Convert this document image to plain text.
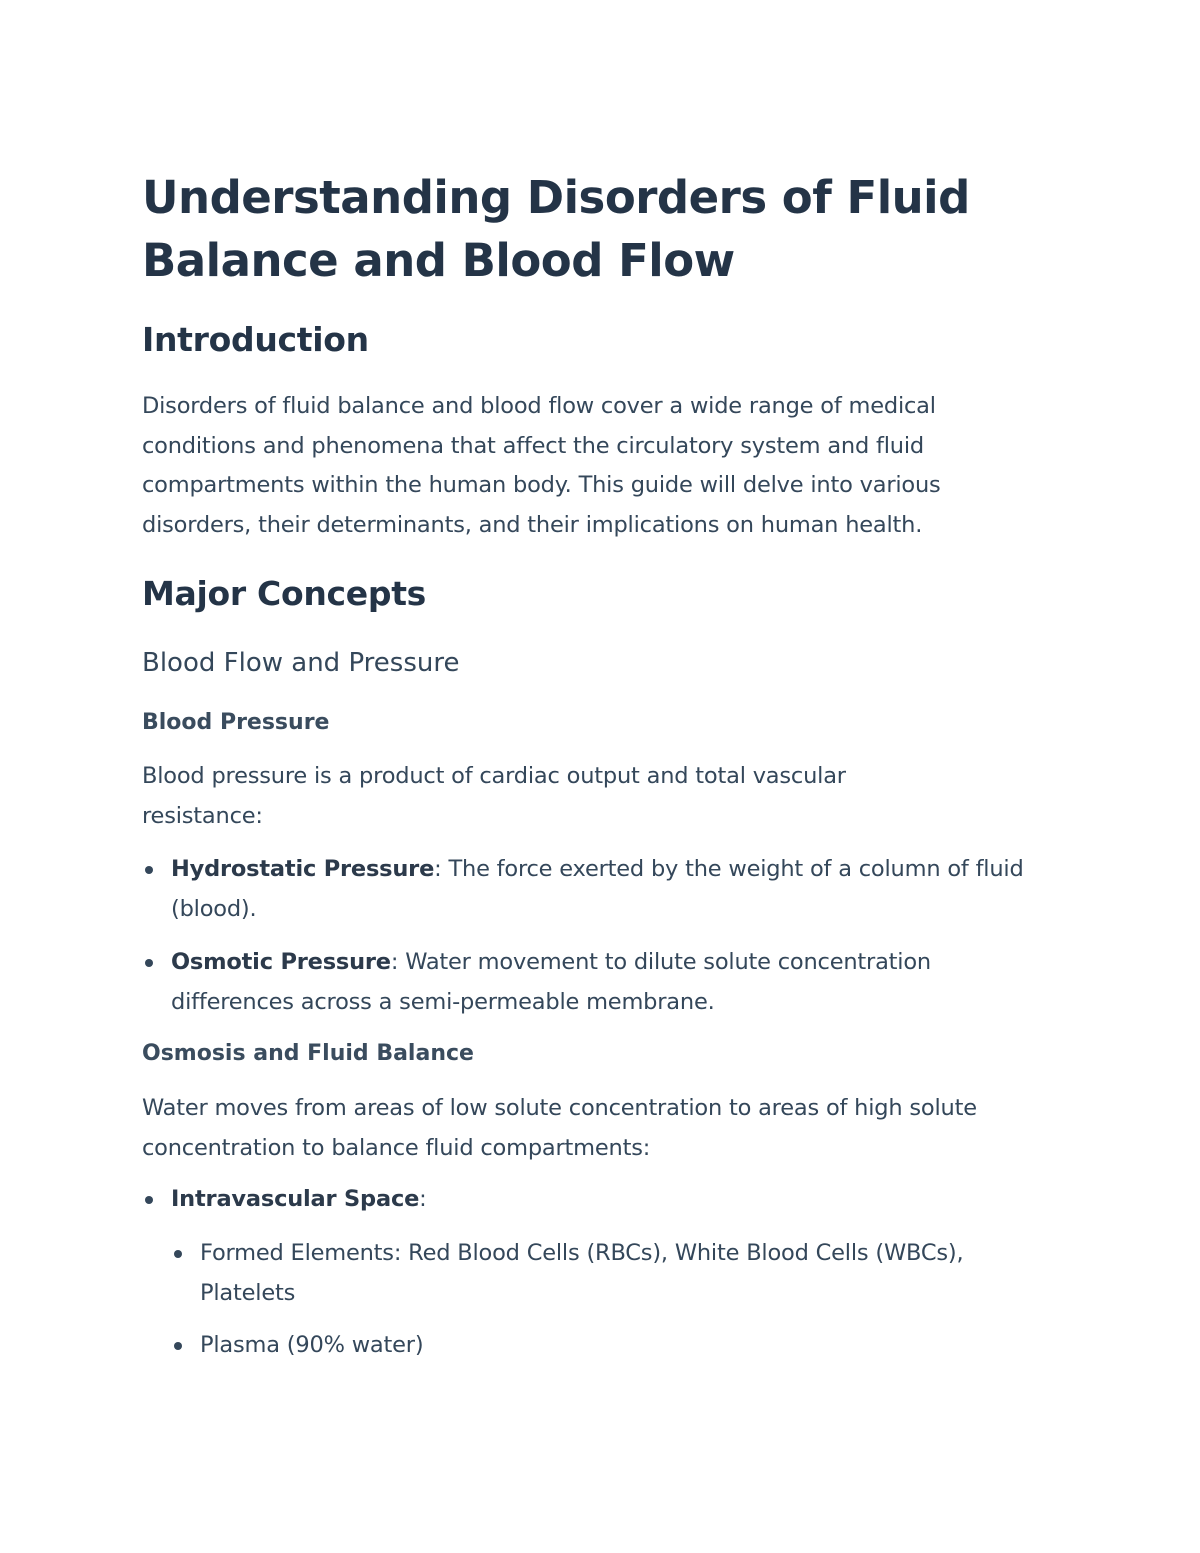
Understanding Disorders of Fluid Balance and Blood Flow
Introduction

Disorders of fluid balance and blood flow cover a wide range of medical conditions and phenomena that affect the circulatory system and fluid compartments within the human body. This guide will delve into various disorders, their determinants, and their implications on human health.

Major Concepts
Blood Flow and Pressure
Blood Pressure

Blood pressure is a product of cardiac output and total vascular resistance:

Hydrostatic Pressure: The force exerted by the weight of a column of fluid (blood).
Osmotic Pressure: Water movement to dilute solute concentration differences across a semi-permeable membrane.
Osmosis and Fluid Balance

Water moves from areas of low solute concentration to areas of high solute concentration to balance fluid compartments:

Intravascular Space:
Formed Elements: Red Blood Cells (RBCs), White Blood Cells (WBCs), Platelets
Plasma (90% water)
